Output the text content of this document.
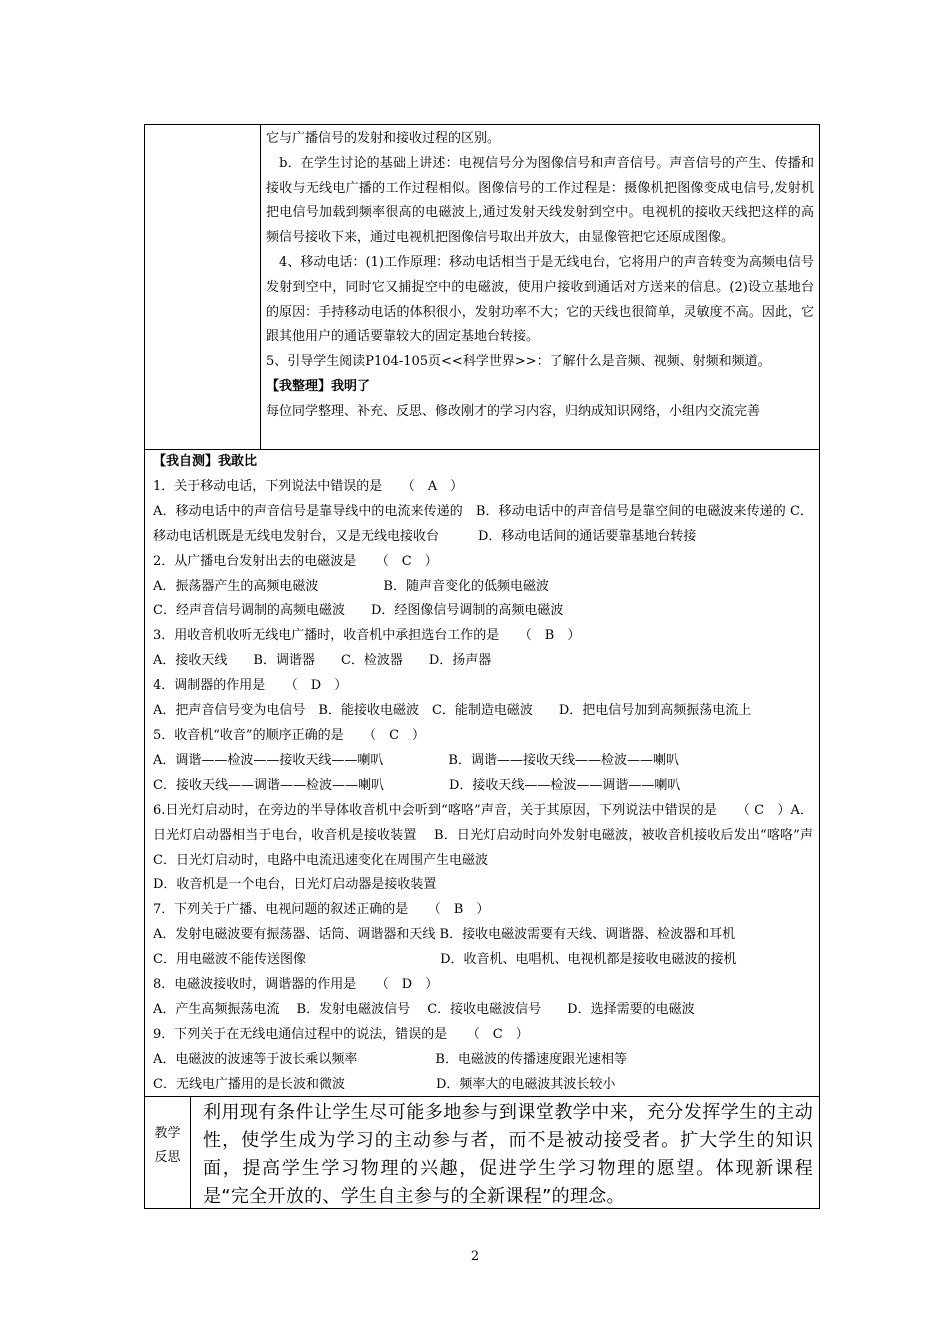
它与广播信号的发射和接收过程的区别。

　b．在学生讨论的基础上讲述：电视信号分为图像信号和声音信号。声音信号的产生、传播和接收与无线电广播的工作过程相似。图像信号的工作过程是：摄像机把图像变成电信号,发射机把电信号加载到频率很高的电磁波上,通过发射天线发射到空中。电视机的接收天线把这样的高频信号接收下来，通过电视机把图像信号取出并放大，由显像管把它还原成图像。

　4、移动电话：(1)工作原理：移动电话相当于是无线电台，它将用户的声音转变为高频电信号发射到空中，同时它又捕捉空中的电磁波，使用户接收到通话对方送来的信息。(2)设立基地台的原因：手持移动电话的体积很小，发射功率不大；它的天线也很简单，灵敏度不高。因此，它跟其他用户的通话要靠较大的固定基地台转接。

5、引导学生阅读P104-105页<<科学世界>>：了解什么是音频、视频、射频和频道。

【我整理】我明了

每位同学整理、补充、反思、修改刚才的学习内容，归纳成知识网络，小组内交流完善

【我自测】我敢比

1．关于移动电话，下列说法中错误的是　　（　A　）

A．移动电话中的声音信号是靠导线中的电流来传递的　B．移动电话中的声音信号是靠空间的电磁波来传递的 C．移动电话机既是无线电发射台，又是无线电接收台　　　D．移动电话间的通话要靠基地台转接

2．从广播电台发射出去的电磁波是　　（　C　）

A．振荡器产生的高频电磁波　　　　　B．随声音变化的低频电磁波

C．经声音信号调制的高频电磁波　　D．经图像信号调制的高频电磁波

3．用收音机收听无线电广播时，收音机中承担选台工作的是　　（　B　）

A．接收天线　　B．调谐器　　C．检波器　　D．扬声器

4．调制器的作用是　　（　D　）

A．把声音信号变为电信号　B．能接收电磁波　C．能制造电磁波　　D．把电信号加到高频振荡电流上

5．收音机“收音”的顺序正确的是　　（　C　）

A．调谐——检波——接收天线——喇叭　　　　　B．调谐——接收天线——检波——喇叭

C．接收天线——调谐——检波——喇叭　　　　　D．接收天线——检波——调谐——喇叭

6.日光灯启动时，在旁边的半导体收音机中会听到“喀咯”声音，关于其原因，下列说法中错误的是　　（ C　）A．日光灯启动器相当于电台，收音机是接收装置　 B．日光灯启动时向外发射电磁波，被收音机接收后发出“喀咯”声　　 C．日光灯启动时，电路中电流迅速变化在周围产生电磁波

D．收音机是一个电台，日光灯启动器是接收装置

7．下列关于广播、电视问题的叙述正确的是　　（　B　）

A．发射电磁波要有振荡器、话筒、调谐器和天线 B．接收电磁波需要有天线、调谐器、检波器和耳机

C．用电磁波不能传送图像　　　　　　　　　　 D．收音机、电唱机、电视机都是接收电磁波的接机

8．电磁波接收时，调谐器的作用是　　（　D　）

A．产生高频振荡电流　 B．发射电磁波信号　 C．接收电磁波信号　　D．选择需要的电磁波

9．下列关于在无线电通信过程中的说法，错误的是　　（　C　）

A．电磁波的波速等于波长乘以频率　　　　　　B．电磁波的传播速度跟光速相等

C．无线电广播用的是长波和微波　　　　　　　D．频率大的电磁波其波长较小

教学反思
利用现有条件让学生尽可能多地参与到课堂教学中来，充分发挥学生的主动性，使学生成为学习的主动参与者，而不是被动接受者。扩大学生的知识面，提高学生学习物理的兴趣，促进学生学习物理的愿望。体现新课程是“完全开放的、学生自主参与的全新课程”的理念。
2
